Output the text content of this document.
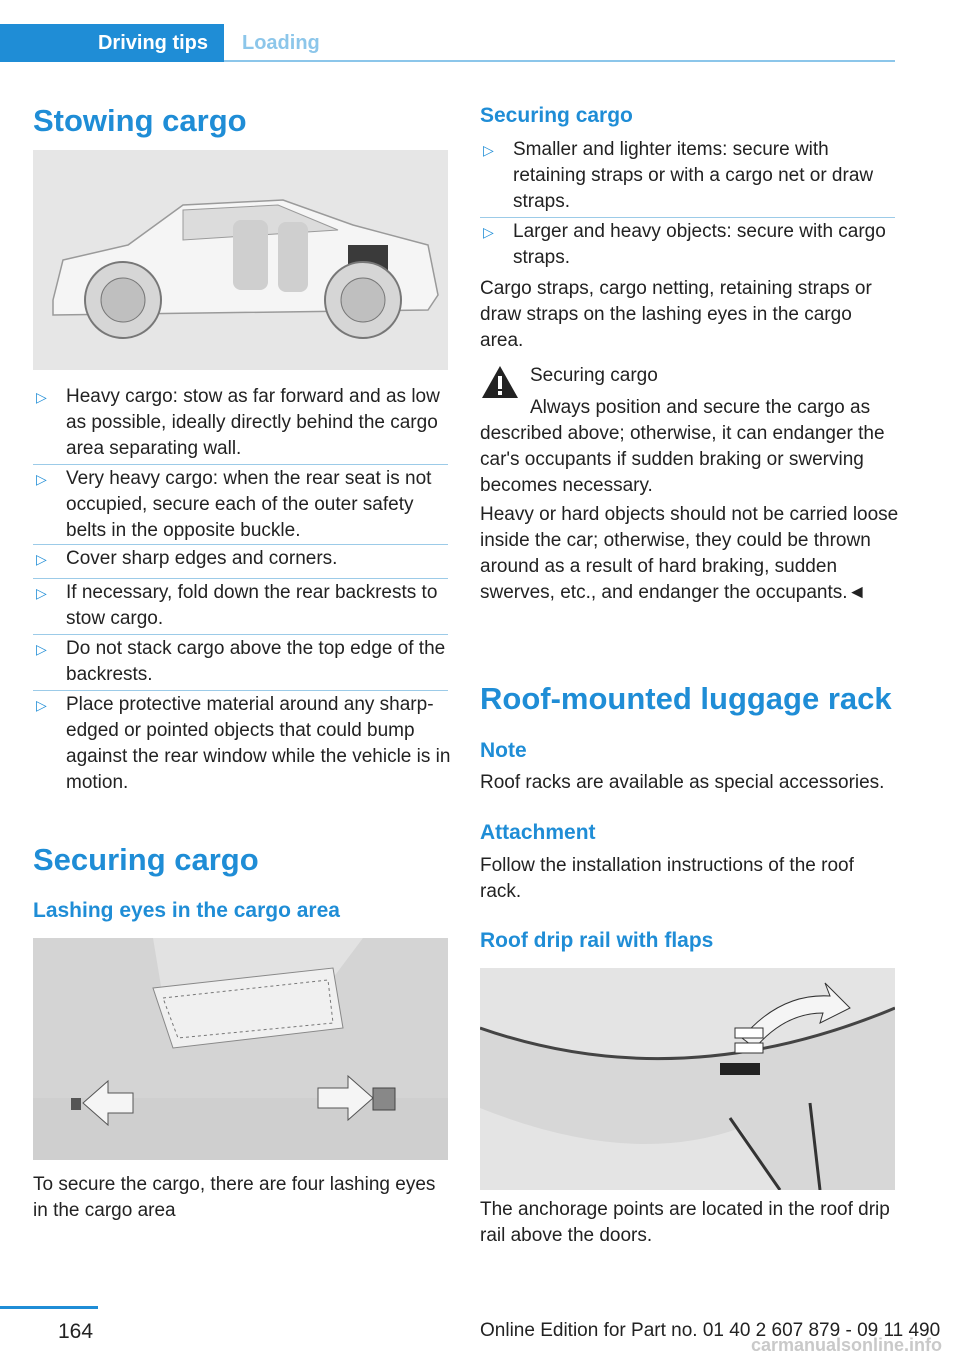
Driving tips	Loading
Stowing cargo
▷ Heavy cargo: stow as far forward and as low as possible, ideally directly behind the cargo area separating wall.
▷ Very heavy cargo: when the rear seat is not occupied, secure each of the outer safety belts in the opposite buckle.
▷ Cover sharp edges and corners.
▷ If necessary, fold down the rear backrests to stow cargo.
▷ Do not stack cargo above the top edge of the backrests.
▷ Place protective material around any sharp-edged or pointed objects that could bump against the rear window while the vehicle is in motion.
Securing cargo
Lashing eyes in the cargo area

To secure the cargo, there are four lashing eyes in the cargo area

Securing cargo
▷ Smaller and lighter items: secure with retaining straps or with a cargo net or draw straps.
▷ Larger and heavy objects: secure with cargo straps.

Cargo straps, cargo netting, retaining straps or draw straps on the lashing eyes in the cargo area.

Securing cargo

Always position and secure the cargo as described above; otherwise, it can endanger the car's occupants if sudden braking or swerving becomes necessary.

Heavy or hard objects should not be carried loose inside the car; otherwise, they could be thrown around as a result of hard braking, sudden swerves, etc., and endanger the occupants.◄

Roof-mounted luggage rack
Note

Roof racks are available as special accessories.

Attachment

Follow the installation instructions of the roof rack.

Roof drip rail with flaps

The anchorage points are located in the roof drip rail above the doors.

164	Online Edition for Part no. 01 40 2 607 879 - 09 11 490
carmanualsonline.info
